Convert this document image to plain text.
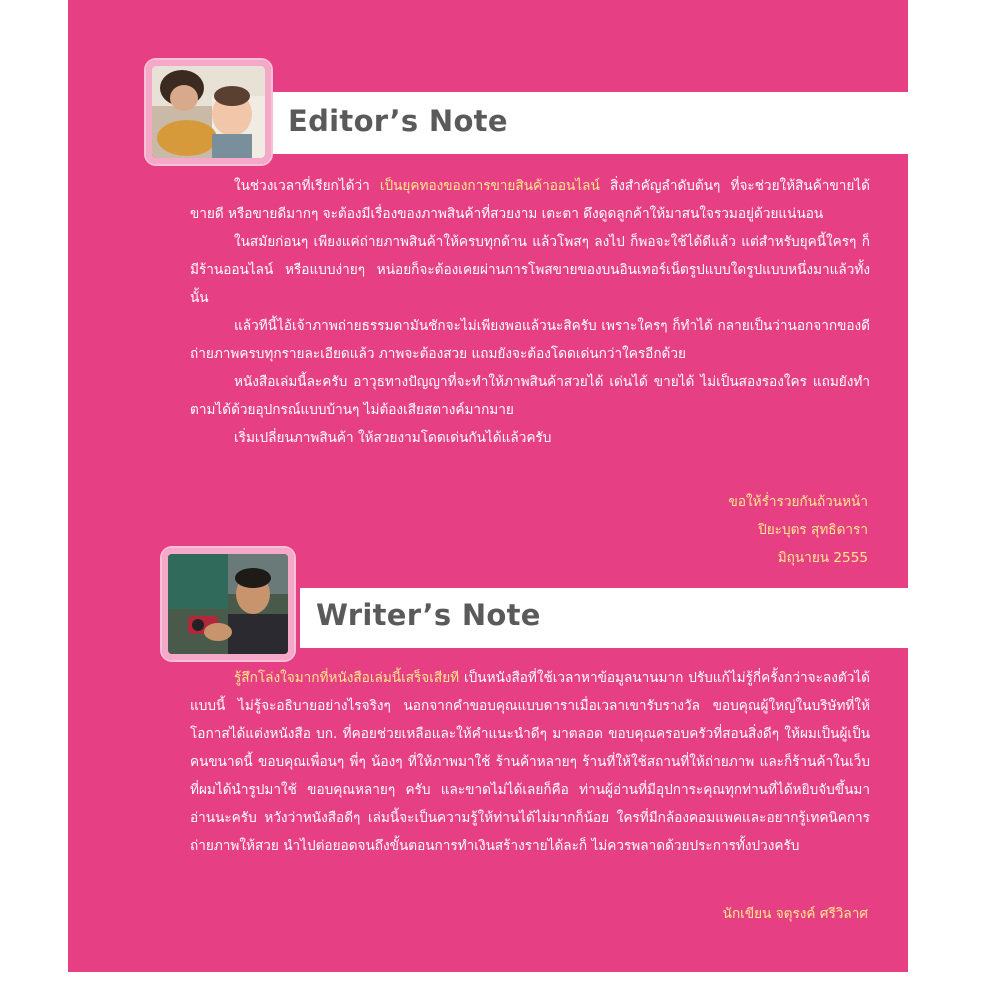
Editor’s Note

ในช่วงเวลาที่เรียกได้ว่า เป็นยุคทองของการขายสินค้าออนไลน์ สิ่งสำคัญลำดับต้นๆ ที่จะช่วยให้สินค้าขายได้ ขายดี หรือขายดีมากๆ จะต้องมีเรื่องของภาพสินค้าที่สวยงาม เตะตา ดึงดูดลูกค้าให้มาสนใจรวมอยู่ด้วยแน่นอน

ในสมัยก่อนๆ เพียงแค่ถ่ายภาพสินค้าให้ครบทุกด้าน แล้วโพสๆ ลงไป ก็พอจะใช้ได้ดีแล้ว แต่สำหรับยุคนี้ใครๆ ก็มีร้านออนไลน์ หรือแบบง่ายๆ หน่อยก็จะต้องเคยผ่านการโพสขายของบนอินเทอร์เน็ตรูปแบบใดรูปแบบหนึ่งมาแล้วทั้งนั้น

แล้วทีนี้ไอ้เจ้าภาพถ่ายธรรมดามันชักจะไม่เพียงพอแล้วนะสิครับ เพราะใครๆ ก็ทำได้ กลายเป็นว่านอกจากของดี ถ่ายภาพครบทุกรายละเอียดแล้ว ภาพจะต้องสวย แถมยังจะต้องโดดเด่นกว่าใครอีกด้วย

หนังสือเล่มนี้ละครับ อาวุธทางปัญญาที่จะทำให้ภาพสินค้าสวยได้ เด่นได้ ขายได้ ไม่เป็นสองรองใคร แถมยังทำตามได้ด้วยอุปกรณ์แบบบ้านๆ ไม่ต้องเสียสตางค์มากมาย

เริ่มเปลี่ยนภาพสินค้า ให้สวยงามโดดเด่นกันได้แล้วครับ

ขอให้ร่ำรวยกันถ้วนหน้า
ปิยะบุตร สุทธิดารา
มิถุนายน 2555
Writer’s Note

รู้สึกโล่งใจมากที่หนังสือเล่มนี้เสร็จเสียที เป็นหนังสือที่ใช้เวลาหาข้อมูลนานมาก ปรับแก้ไม่รู้กี่ครั้งกว่าจะลงตัวได้แบบนี้ ไม่รู้จะอธิบายอย่างไรจริงๆ นอกจากคำขอบคุณแบบดาราเมื่อเวลาเขารับรางวัล ขอบคุณผู้ใหญ่ในบริษัทที่ให้โอกาสได้แต่งหนังสือ บก. ที่คอยช่วยเหลือและให้คำแนะนำดีๆ มาตลอด ขอบคุณครอบครัวที่สอนสิ่งดีๆ ให้ผมเป็นผู้เป็นคนขนาดนี้ ขอบคุณเพื่อนๆ พี่ๆ น้องๆ ที่ให้ภาพมาใช้ ร้านค้าหลายๆ ร้านที่ให้ใช้สถานที่ให้ถ่ายภาพ และก็ร้านค้าในเว็บที่ผมได้นำรูปมาใช้ ขอบคุณหลายๆ ครับ และขาดไม่ได้เลยก็คือ ท่านผู้อ่านที่มีอุปการะคุณทุกท่านที่ได้หยิบจับขึ้นมาอ่านนะครับ หวังว่าหนังสือดีๆ เล่มนี้จะเป็นความรู้ให้ท่านได้ไม่มากก็น้อย ใครที่มีกล้องคอมแพคและอยากรู้เทคนิคการถ่ายภาพให้สวย นำไปต่อยอดจนถึงขั้นตอนการทำเงินสร้างรายได้ละก็ ไม่ควรพลาดด้วยประการทั้งปวงครับ

นักเขียน จตุรงค์ ศรีวิลาศ
